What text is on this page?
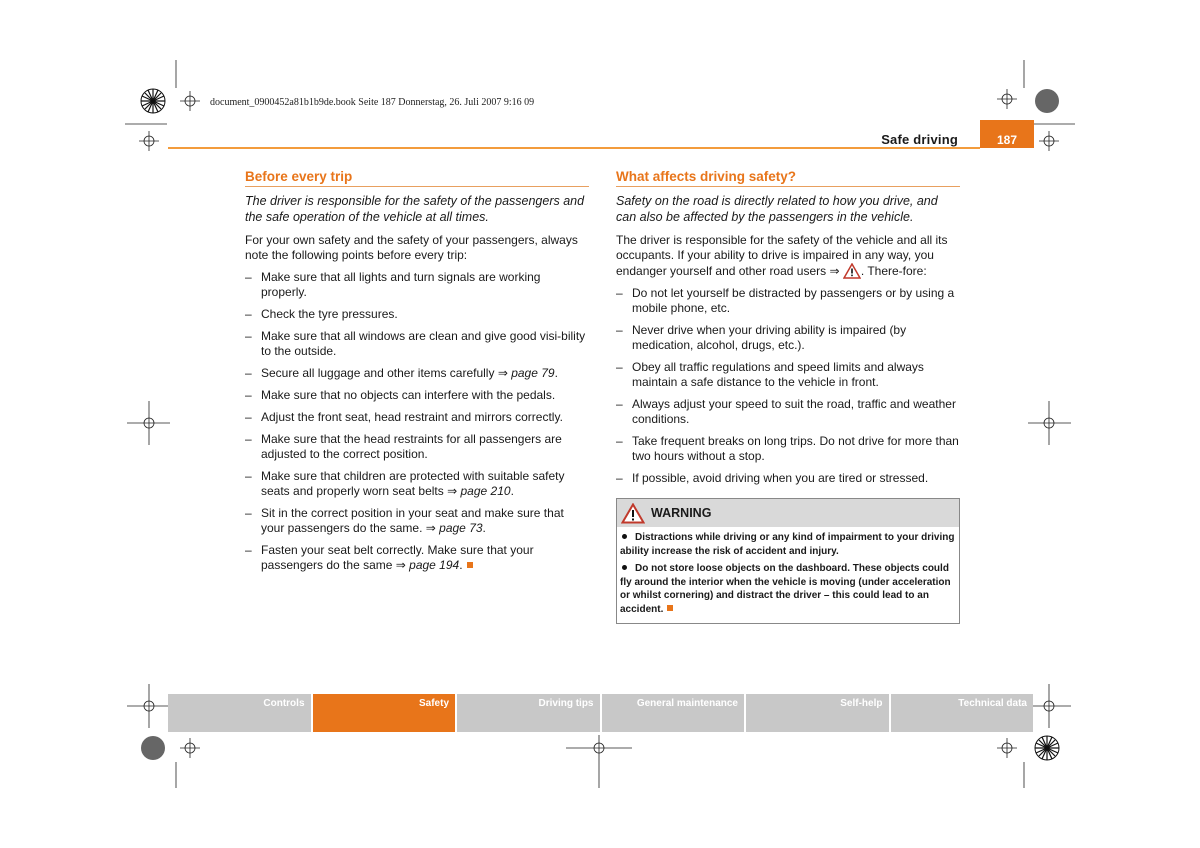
document_0900452a81b1b9de.book Seite 187 Donnerstag, 26. Juli 2007 9:16 09
Safe driving	187
Before every trip
The driver is responsible for the safety of the passengers and the safe operation of the vehicle at all times.

For your own safety and the safety of your passengers, always note the following points before every trip:

– Make sure that all lights and turn signals are working properly.
– Check the tyre pressures.
– Make sure that all windows are clean and give good visi-bility to the outside.
– Secure all luggage and other items carefully ⇒ page 79.
– Make sure that no objects can interfere with the pedals.
– Adjust the front seat, head restraint and mirrors correctly.
– Make sure that the head restraints for all passengers are adjusted to the correct position.
– Make sure that children are protected with suitable safety seats and properly worn seat belts ⇒ page 210.
– Sit in the correct position in your seat and make sure that your passengers do the same. ⇒ page 73.
– Fasten your seat belt correctly. Make sure that your passengers do the same ⇒ page 194.
What affects driving safety?
Safety on the road is directly related to how you drive, and can also be affected by the passengers in the vehicle.

The driver is responsible for the safety of the vehicle and all its occupants. If your ability to drive is impaired in any way, you endanger yourself and other road users ⇒ . There-fore:

– Do not let yourself be distracted by passengers or by using a mobile phone, etc.
– Never drive when your driving ability is impaired (by medication, alcohol, drugs, etc.).
– Obey all traffic regulations and speed limits and always maintain a safe distance to the vehicle in front.
– Always adjust your speed to suit the road, traffic and weather conditions.
– Take frequent breaks on long trips. Do not drive for more than two hours without a stop.
– If possible, avoid driving when you are tired or stressed.
WARNING
Distractions while driving or any kind of impairment to your driving ability increase the risk of accident and injury.
Do not store loose objects on the dashboard. These objects could fly around the interior when the vehicle is moving (under acceleration or whilst cornering) and distract the driver – this could lead to an accident.
Controls	Safety	Driving tips	General maintenance	Self-help	Technical data
